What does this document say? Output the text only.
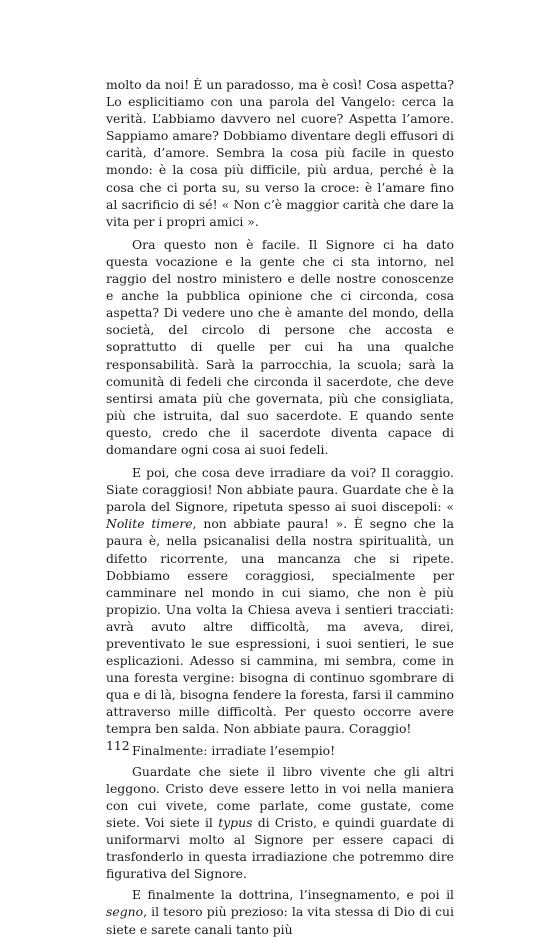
molto da noi! È un paradosso, ma è così! Cosa aspetta? Lo esplicitiamo con una parola del Vangelo: cerca la verità. L’abbiamo davvero nel cuore? Aspetta l’amore. Sappiamo amare? Dobbiamo diventare degli effusori di carità, d’amore. Sembra la cosa più facile in questo mondo: è la cosa più difficile, più ardua, perché è la cosa che ci porta su, su verso la croce: è l’amare fino al sacrificio di sé! « Non c’è maggior carità che dare la vita per i propri amici ».

Ora questo non è facile. Il Signore ci ha dato questa vocazione e la gente che ci sta intorno, nel raggio del nostro ministero e delle nostre conoscenze e anche la pubblica opinione che ci circonda, cosa aspetta? Di vedere uno che è amante del mondo, della società, del circolo di persone che accosta e soprattutto di quelle per cui ha una qualche responsabilità. Sarà la parrocchia, la scuola; sarà la comunità di fedeli che circonda il sacerdote, che deve sentirsi amata più che governata, più che consigliata, più che istruita, dal suo sacerdote. E quando sente questo, credo che il sacerdote diventa capace di domandare ogni cosa ai suoi fedeli.

E poi, che cosa deve irradiare da voi? Il coraggio. Siate coraggiosi! Non abbiate paura. Guardate che è la parola del Signore, ripetuta spesso ai suoi discepoli: « Nolite timere, non abbiate paura! ». È segno che la paura è, nella psicanalisi della nostra spiritualità, un difetto ricorrente, una mancanza che si ripete. Dobbiamo essere coraggiosi, specialmente per camminare nel mondo in cui siamo, che non è più propizio. Una volta la Chiesa aveva i sentieri tracciati: avrà avuto altre difficoltà, ma aveva, direi, preventivato le sue espressioni, i suoi sentieri, le sue esplicazioni. Adesso si cammina, mi sembra, come in una foresta vergine: bisogna di continuo sgombrare di qua e di là, bisogna fendere la foresta, farsi il cammino attraverso mille difficoltà. Per questo occorre avere tempra ben salda. Non abbiate paura. Coraggio!

Finalmente: irradiate l’esempio!

Guardate che siete il libro vivente che gli altri leggono. Cristo deve essere letto in voi nella maniera con cui vivete, come parlate, come gustate, come siete. Voi siete il typus di Cristo, e quindi guardate di uniformarvi molto al Signore per essere capaci di trasfonderlo in questa irradiazione che potremmo dire figurativa del Signore.

E finalmente la dottrina, l’insegnamento, e poi il segno, il tesoro più prezioso: la vita stessa di Dio di cui siete e sarete canali tanto più

112
